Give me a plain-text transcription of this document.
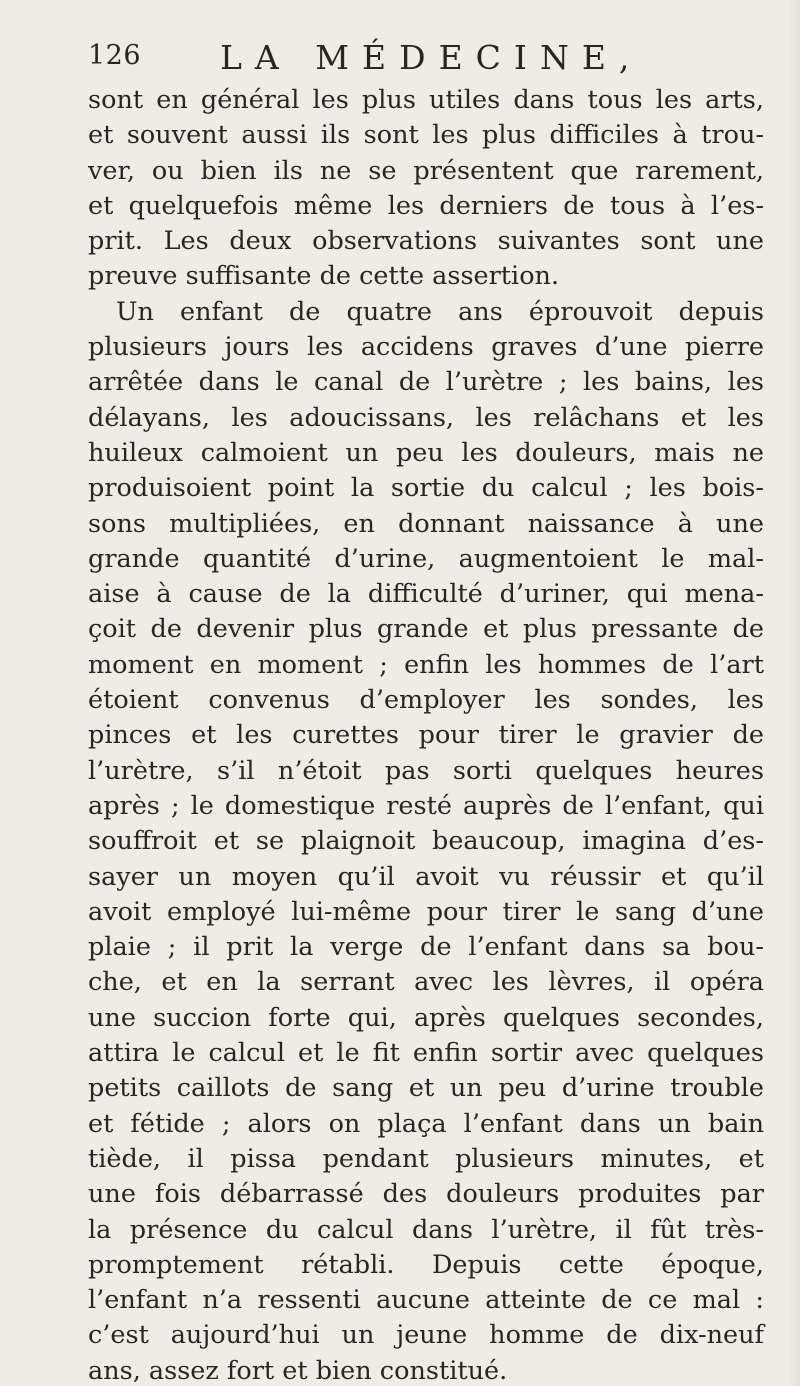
126 LA MÉDECINE,
sont en général les plus utiles dans tous les arts,
et souvent aussi ils sont les plus difficiles à trou-
ver, ou bien ils ne se présentent que rarement,
et quelquefois même les derniers de tous à l’es-
prit. Les deux observations suivantes sont une
preuve suffisante de cette assertion.
Un enfant de quatre ans éprouvoit depuis
plusieurs jours les accidens graves d’une pierre
arrêtée dans le canal de l’urètre ; les bains, les
délayans, les adoucissans, les relâchans et les
huileux calmoient un peu les douleurs, mais ne
produisoient point la sortie du calcul ; les bois-
sons multipliées, en donnant naissance à une
grande quantité d’urine, augmentoient le mal-
aise à cause de la difficulté d’uriner, qui mena-
çoit de devenir plus grande et plus pressante de
moment en moment ; enfin les hommes de l’art
étoient convenus d’employer les sondes, les
pinces et les curettes pour tirer le gravier de
l’urètre, s’il n’étoit pas sorti quelques heures
après ; le domestique resté auprès de l’enfant, qui
souffroit et se plaignoit beaucoup, imagina d’es-
sayer un moyen qu’il avoit vu réussir et qu’il
avoit employé lui-même pour tirer le sang d’une
plaie ; il prit la verge de l’enfant dans sa bou-
che, et en la serrant avec les lèvres, il opéra
une succion forte qui, après quelques secondes,
attira le calcul et le fit enfin sortir avec quelques
petits caillots de sang et un peu d’urine trouble
et fétide ; alors on plaça l’enfant dans un bain
tiède, il pissa pendant plusieurs minutes, et
une fois débarrassé des douleurs produites par
la présence du calcul dans l’urètre, il fût très-
promptement rétabli. Depuis cette époque,
l’enfant n’a ressenti aucune atteinte de ce mal :
c’est aujourd’hui un jeune homme de dix-neuf
ans, assez fort et bien constitué.
